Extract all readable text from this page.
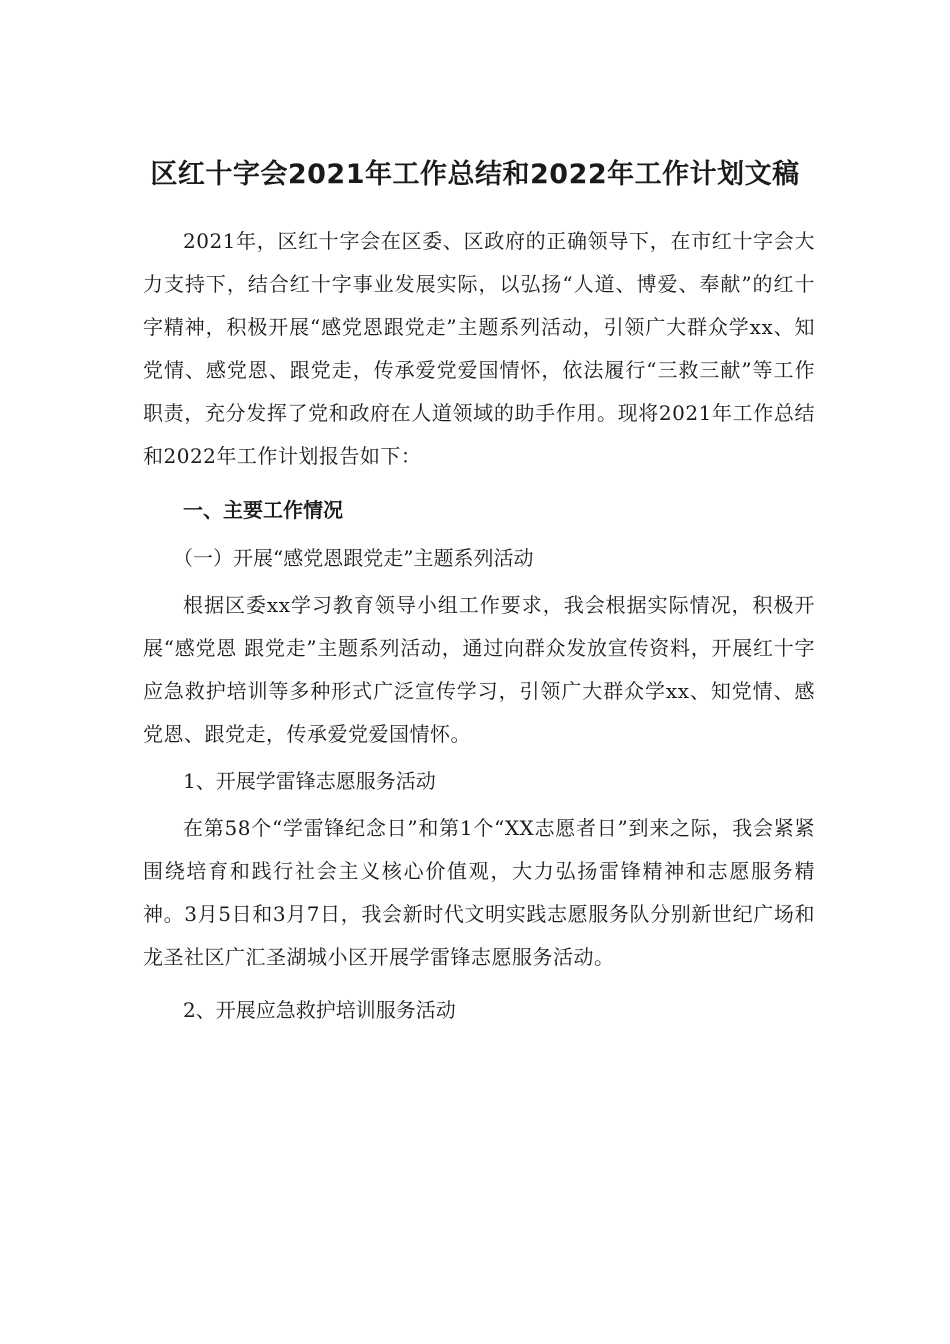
区红十字会2021年工作总结和2022年工作计划文稿

2021年，区红十字会在区委、区政府的正确领导下，在市红十字会大力支持下，结合红十字事业发展实际，以弘扬“人道、博爱、奉献”的红十字精神，积极开展“感党恩跟党走”主题系列活动，引领广大群众学xx、知党情、感党恩、跟党走，传承爱党爱国情怀，依法履行“三救三献”等工作职责，充分发挥了党和政府在人道领域的助手作用。现将2021年工作总结和2022年工作计划报告如下：

一、主要工作情况

（一）开展“感党恩跟党走”主题系列活动

根据区委xx学习教育领导小组工作要求，我会根据实际情况，积极开展“感党恩 跟党走”主题系列活动，通过向群众发放宣传资料，开展红十字应急救护培训等多种形式广泛宣传学习，引领广大群众学xx、知党情、感党恩、跟党走，传承爱党爱国情怀。

1、开展学雷锋志愿服务活动

在第58个“学雷锋纪念日”和第1个“XX志愿者日”到来之际，我会紧紧围绕培育和践行社会主义核心价值观，大力弘扬雷锋精神和志愿服务精神。3月5日和3月7日，我会新时代文明实践志愿服务队分别新世纪广场和龙圣社区广汇圣湖城小区开展学雷锋志愿服务活动。

2、开展应急救护培训服务活动
